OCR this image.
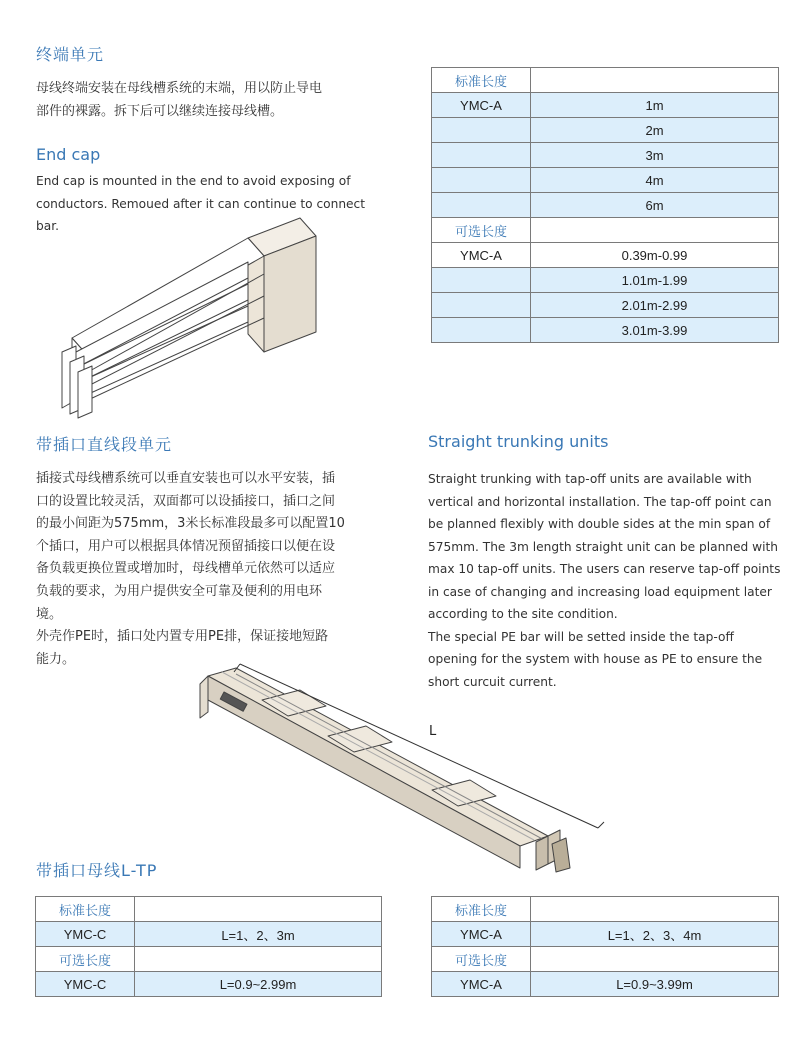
终端单元
母线终端安装在母线槽系统的末端，用以防止导电
部件的裸露。拆下后可以继续连接母线槽。
End cap
End cap is mounted in the end to avoid exposing of
conductors. Remoued after it can continue to connect
bar.
标准长度	
YMC-A	1m
	2m
	3m
	4m
	6m
可选长度	
YMC-A	0.39m-0.99
	1.01m-1.99
	2.01m-2.99
	3.01m-3.99
带插口直线段单元
插接式母线槽系统可以垂直安装也可以水平安装，插
口的设置比较灵活，双面都可以设插接口，插口之间
的最小间距为575mm，3米长标准段最多可以配置10
个插口，用户可以根据具体情况预留插接口以便在设
备负载更换位置或增加时，母线槽单元依然可以适应
负载的要求，为用户提供安全可靠及便利的用电环
境。
外壳作PE时，插口处内置专用PE排，保证接地短路
能力。
Straight trunking units
Straight trunking with tap-off units are available with
vertical and horizontal installation. The tap-off point can
be planned flexibly with double sides at the min span of
575mm. The 3m length straight unit can be planned with
max 10 tap-off units. The users can reserve tap-off points
in case of changing and increasing load equipment later
according to the site condition.
The special PE bar will be setted inside the tap-off
opening for the system with house as PE to ensure the
short curcuit current.
L
带插口母线L-TP
标准长度	
YMC-C	L=1、2、3m
可选长度	
YMC-C	L=0.9~2.99m
标准长度	
YMC-A	L=1、2、3、4m
可选长度	
YMC-A	L=0.9~3.99m
